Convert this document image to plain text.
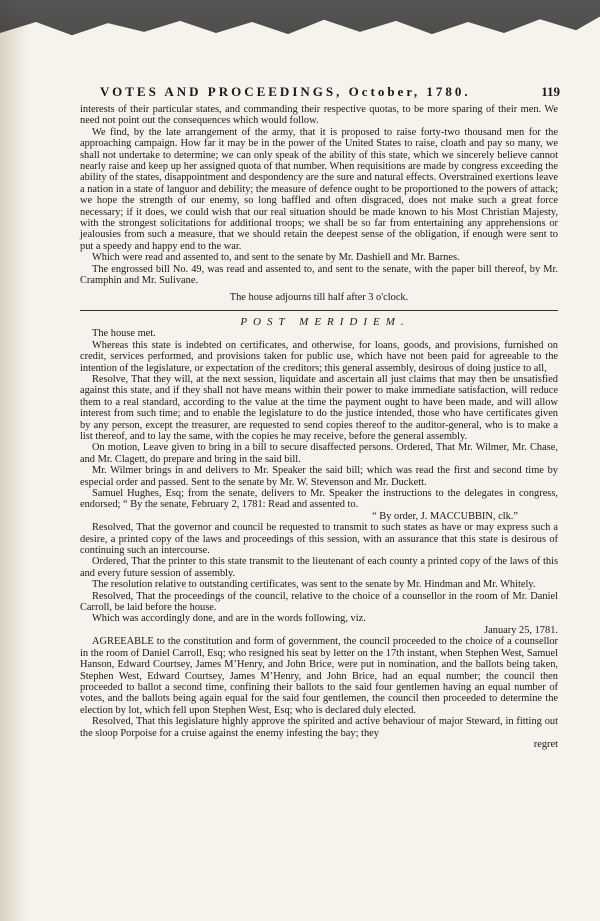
VOTES AND PROCEEDINGS, October, 1780.	119

interests of their particular states, and commanding their respective quotas, to be more sparing of their men. We need not point out the consequences which would follow.

We find, by the late arrangement of the army, that it is proposed to raise forty-two thousand men for the approaching campaign. How far it may be in the power of the United States to raise, cloath and pay so many, we shall not undertake to determine; we can only speak of the ability of this state, which we sincerely believe cannot nearly raise and keep up her assigned quota of that number. When requisitions are made by congress exceeding the ability of the states, disappointment and despondency are the sure and natural effects. Overstrained exertions leave a nation in a state of languor and debility; the measure of defence ought to be proportioned to the powers of attack; we hope the strength of our enemy, so long baffled and often disgraced, does not make such a great force necessary; if it does, we could wish that our real situation should be made known to his Most Christian Majesty, with the strongest solicitations for additional troops; we shall be so far from entertaining any apprehensions or jealousies from such a measure, that we should retain the deepest sense of the obligation, if enough were sent to put a speedy and happy end to the war.

Which were read and assented to, and sent to the senate by Mr. Dashiell and Mr. Barnes.

The engrossed bill No. 49, was read and assented to, and sent to the senate, with the paper bill thereof, by Mr. Cramphin and Mr. Sulivane.

The house adjourns till half after 3 o'clock.

POST MERIDIEM.

The house met.

Whereas this state is indebted on certificates, and otherwise, for loans, goods, and provisions, furnished on credit, services performed, and provisions taken for public use, which have not been paid for agreeable to the intention of the legislature, or expectation of the creditors; this general assembly, desirous of doing justice to all,

Resolve, That they will, at the next session, liquidate and ascertain all just claims that may then be unsatisfied against this state, and if they shall not have means within their power to make immediate satisfaction, will reduce them to a real standard, according to the value at the time the payment ought to have been made, and will allow interest from such time; and to enable the legislature to do the justice intended, those who have certificates given by any person, except the treasurer, are requested to send copies thereof to the auditor-general, who is to make a list thereof, and to lay the same, with the copies he may receive, before the general assembly.

On motion, Leave given to bring in a bill to secure disaffected persons. Ordered, That Mr. Wilmer, Mr. Chase, and Mr. Clagett, do prepare and bring in the said bill.

Mr. Wilmer brings in and delivers to Mr. Speaker the said bill; which was read the first and second time by especial order and passed. Sent to the senate by Mr. W. Stevenson and Mr. Duckett.

Samuel Hughes, Esq; from the senate, delivers to Mr. Speaker the instructions to the delegates in congress, endorsed; “ By the senate, February 2, 1781: Read and assented to.

“ By order, J. MACCUBBIN, clk.”

Resolved, That the governor and council be requested to transmit to such states as have or may express such a desire, a printed copy of the laws and proceedings of this session, with an assurance that this state is desirous of continuing such an intercourse.

Ordered, That the printer to this state transmit to the lieutenant of each county a printed copy of the laws of this and every future session of assembly.

The resolution relative to outstanding certificates, was sent to the senate by Mr. Hindman and Mr. Whitely.

Resolved, That the proceedings of the council, relative to the choice of a counsellor in the room of Mr. Daniel Carroll, be laid before the house.

Which was accordingly done, and are in the words following, viz.

January 25, 1781.

AGREEABLE to the constitution and form of government, the council proceeded to the choice of a counsellor in the room of Daniel Carroll, Esq; who resigned his seat by letter on the 17th instant, when Stephen West, Samuel Hanson, Edward Courtsey, James M’Henry, and John Brice, were put in nomination, and the ballots being taken, Stephen West, Edward Courtsey, James M’Henry, and John Brice, had an equal number; the council then proceeded to ballot a second time, confining their ballots to the said four gentlemen having an equal number of votes, and the ballots being again equal for the said four gentlemen, the council then proceeded to determine the election by lot, which fell upon Stephen West, Esq; who is declared duly elected.

Resolved, That this legislature highly approve the spirited and active behaviour of major Steward, in fitting out the sloop Porpoise for a cruise against the enemy infesting the bay; they

regret
